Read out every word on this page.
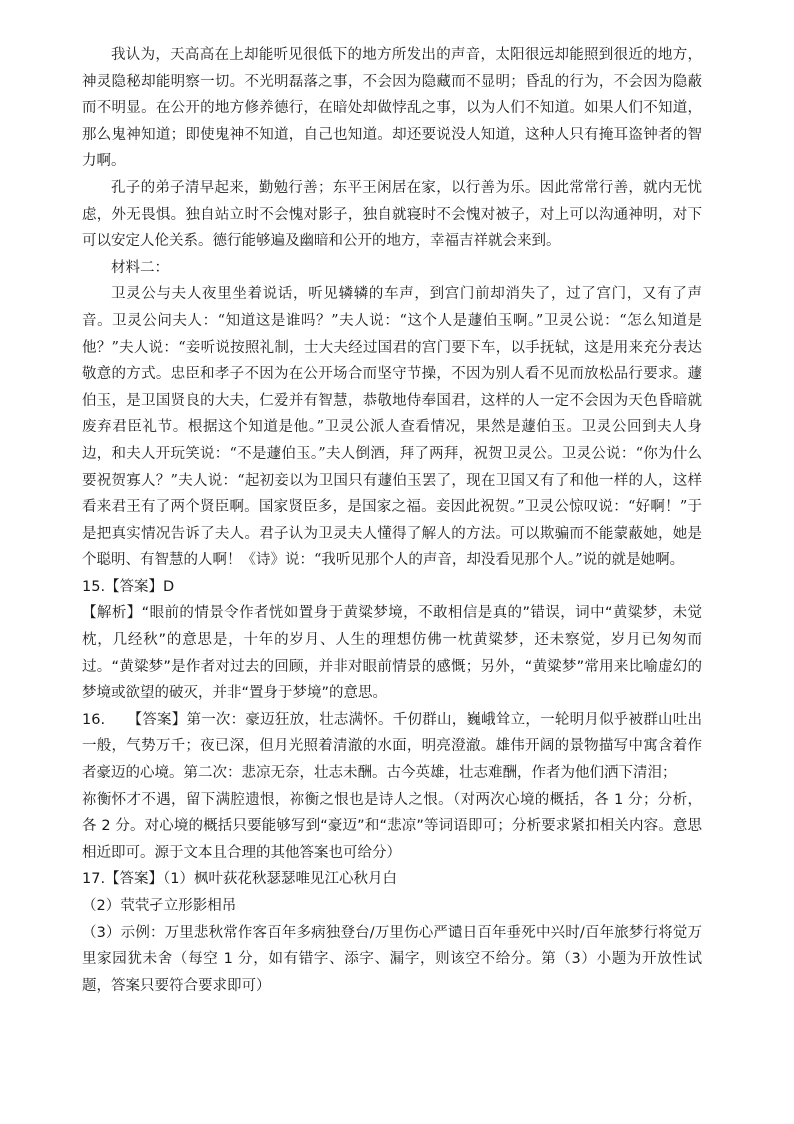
我认为，天高高在上却能听见很低下的地方所发出的声音，太阳很远却能照到很近的地方，神灵隐秘却能明察一切。不光明磊落之事，不会因为隐藏而不显明；昏乱的行为，不会因为隐蔽而不明显。在公开的地方修养德行，在暗处却做悖乱之事，以为人们不知道。如果人们不知道，那么鬼神知道；即使鬼神不知道，自己也知道。却还要说没人知道，这种人只有掩耳盗钟者的智力啊。

孔子的弟子清早起来，勤勉行善；东平王闲居在家，以行善为乐。因此常常行善，就内无忧虑，外无畏惧。独自站立时不会愧对影子，独自就寝时不会愧对被子，对上可以沟通神明，对下可以安定人伦关系。德行能够遍及幽暗和公开的地方，幸福吉祥就会来到。

材料二：

卫灵公与夫人夜里坐着说话，听见辚辚的车声，到宫门前却消失了，过了宫门，又有了声音。卫灵公问夫人：“知道这是谁吗？”夫人说：“这个人是蘧伯玉啊。”卫灵公说：“怎么知道是他？”夫人说：“妾听说按照礼制，士大夫经过国君的宫门要下车，以手抚轼，这是用来充分表达敬意的方式。忠臣和孝子不因为在公开场合而坚守节操，不因为别人看不见而放松品行要求。蘧伯玉，是卫国贤良的大夫，仁爱并有智慧，恭敬地侍奉国君，这样的人一定不会因为天色昏暗就废弃君臣礼节。根据这个知道是他。”卫灵公派人查看情况，果然是蘧伯玉。卫灵公回到夫人身边，和夫人开玩笑说：“不是蘧伯玉。”夫人倒酒，拜了两拜，祝贺卫灵公。卫灵公说：“你为什么要祝贺寡人？”夫人说：“起初妾以为卫国只有蘧伯玉罢了，现在卫国又有了和他一样的人，这样看来君王有了两个贤臣啊。国家贤臣多，是国家之福。妾因此祝贺。”卫灵公惊叹说：“好啊！”于是把真实情况告诉了夫人。君子认为卫灵夫人懂得了解人的方法。可以欺骗而不能蒙蔽她，她是个聪明、有智慧的人啊！《诗》说：“我听见那个人的声音，却没看见那个人。”说的就是她啊。

15.【答案】D

【解析】“眼前的情景令作者恍如置身于黄粱梦境，不敢相信是真的”错误，词中“黄粱梦，未觉枕，几经秋”的意思是，十年的岁月、人生的理想仿佛一枕黄粱梦，还未察觉，岁月已匆匆而过。“黄粱梦”是作者对过去的回顾，并非对眼前情景的感慨；另外，“黄粱梦”常用来比喻虚幻的梦境或欲望的破灭，并非“置身于梦境”的意思。

16.　　【答案】第一次：豪迈狂放，壮志满怀。千仞群山，巍峨耸立，一轮明月似乎被群山吐出一般，气势万千；夜已深，但月光照着清澈的水面，明亮澄澈。雄伟开阔的景物描写中寓含着作者豪迈的心境。第二次：悲凉无奈，壮志未酬。古今英雄，壮志难酬，作者为他们洒下清泪；

祢衡怀才不遇，留下满腔遗恨，祢衡之恨也是诗人之恨。（对两次心境的概括，各 1 分；分析，各 2 分。对心境的概括只要能够写到“豪迈”和“悲凉”等词语即可；分析要求紧扣相关内容。意思相近即可。源于文本且合理的其他答案也可给分）

17.【答案】（1）枫叶荻花秋瑟瑟唯见江心秋月白

（2）茕茕孑立形影相吊

（3）示例：万里悲秋常作客百年多病独登台/万里伤心严谴日百年垂死中兴时/百年旅梦行将觉万里家园犹未舍（每空 1 分，如有错字、添字、漏字，则该空不给分。第（3）小题为开放性试题，答案只要符合要求即可）
